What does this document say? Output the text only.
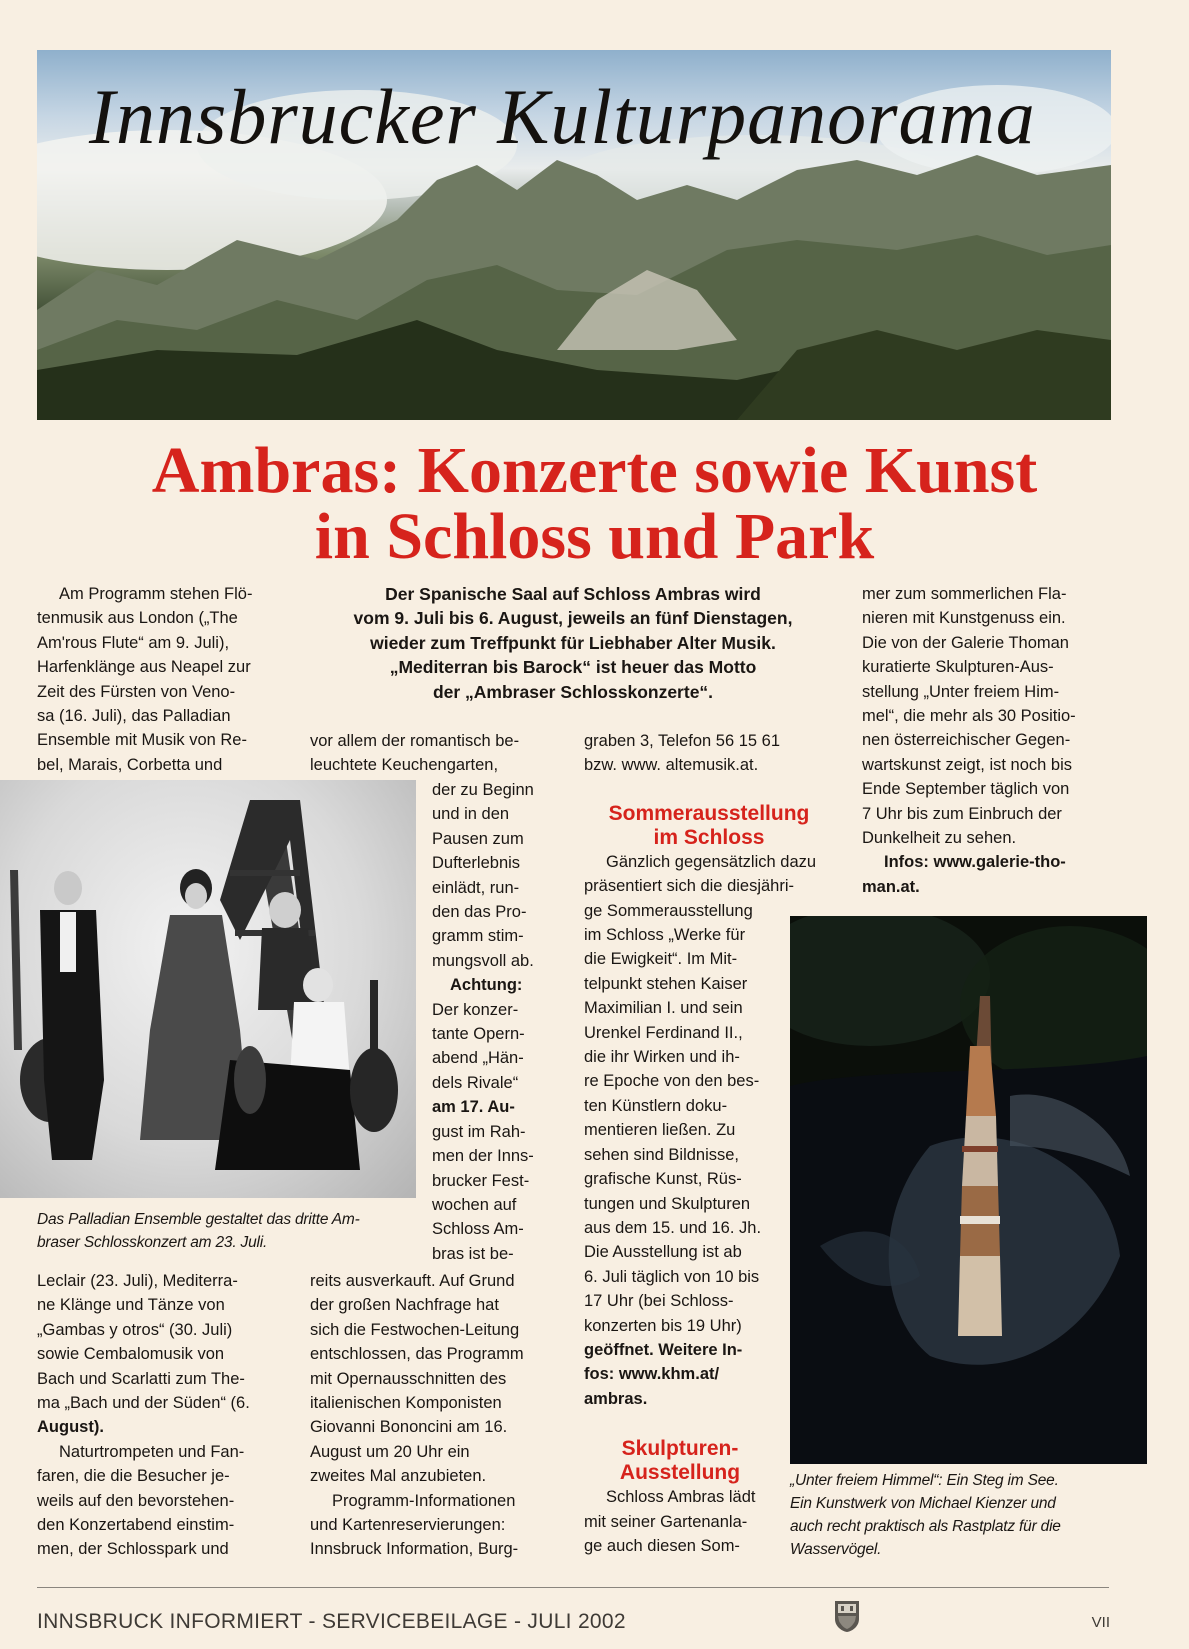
Innsbrucker Kulturpanorama
Ambras: Konzerte sowie Kunst
in Schloss und Park
Der Spanische Saal auf Schloss Ambras wird
vom 9. Juli bis 6. August, jeweils an fünf Dienstagen,
wieder zum Treffpunkt für Liebhaber Alter Musik.
„Mediterran bis Barock“ ist heuer das Motto
der „Ambraser Schlosskonzerte“.

Am Programm stehen Flö-

tenmusik aus London („The

Am'rous Flute“ am 9. Juli),

Harfenklänge aus Neapel zur

Zeit des Fürsten von Veno-

sa (16. Juli), das Palladian

Ensemble mit Musik von Re-

bel, Marais, Corbetta und

Das Palladian Ensemble gestaltet das dritte Am-
braser Schlosskonzert am 23. Juli.

Leclair (23. Juli), Mediterra-

ne Klänge und Tänze von

„Gambas y otros“ (30. Juli)

sowie Cembalomusik von

Bach und Scarlatti zum The-

ma „Bach und der Süden“ (6.

August).

Naturtrompeten und Fan-

faren, die die Besucher je-

weils auf den bevorstehen-

den Konzertabend einstim-

men, der Schlosspark und

vor allem der romantisch be-

leuchtete Keuchengarten,

der zu Beginn

und in den

Pausen zum

Dufterlebnis

einlädt, run-

den das Pro-

gramm stim-

mungsvoll ab.

Achtung:

Der konzer-

tante Opern-

abend „Hän-

dels Rivale“

am 17. Au-

gust im Rah-

men der Inns-

brucker Fest-

wochen auf

Schloss Am-

bras ist be-

reits ausverkauft. Auf Grund

der großen Nachfrage hat

sich die Festwochen-Leitung

entschlossen, das Programm

mit Opernausschnitten des

italienischen Komponisten

Giovanni Bononcini am 16.

August um 20 Uhr ein

zweites Mal anzubieten.

Programm-Informationen

und Kartenreservierungen:

Innsbruck Information, Burg-

graben 3, Telefon 56 15 61

bzw. www. altemusik.at.

Sommerausstellung
im Schloss

Gänzlich gegensätzlich dazu

präsentiert sich die diesjähri-

ge Sommerausstellung

im Schloss „Werke für

die Ewigkeit“. Im Mit-

telpunkt stehen Kaiser

Maximilian I. und sein

Urenkel Ferdinand II.,

die ihr Wirken und ih-

re Epoche von den bes-

ten Künstlern doku-

mentieren ließen. Zu

sehen sind Bildnisse,

grafische Kunst, Rüs-

tungen und Skulpturen

aus dem 15. und 16. Jh.

Die Ausstellung ist ab

6. Juli täglich von 10 bis

17 Uhr (bei Schloss-

konzerten bis 19 Uhr)

geöffnet. Weitere In-

fos: www.khm.at/

ambras.

Skulpturen-
Ausstellung

Schloss Ambras lädt

mit seiner Gartenanla-

ge auch diesen Som-

mer zum sommerlichen Fla-

nieren mit Kunstgenuss ein.

Die von der Galerie Thoman

kuratierte Skulpturen-Aus-

stellung „Unter freiem Him-

mel“, die mehr als 30 Positio-

nen österreichischer Gegen-

wartskunst zeigt, ist noch bis

Ende September täglich von

7 Uhr bis zum Einbruch der

Dunkelheit zu sehen.

Infos: www.galerie-tho-

man.at.

„Unter freiem Himmel“: Ein Steg im See.
Ein Kunstwerk von Michael Kienzer und
auch recht praktisch als Rastplatz für die
Wasservögel.
INNSBRUCK INFORMIERT - SERVICEBEILAGE - JULI 2002	VII
